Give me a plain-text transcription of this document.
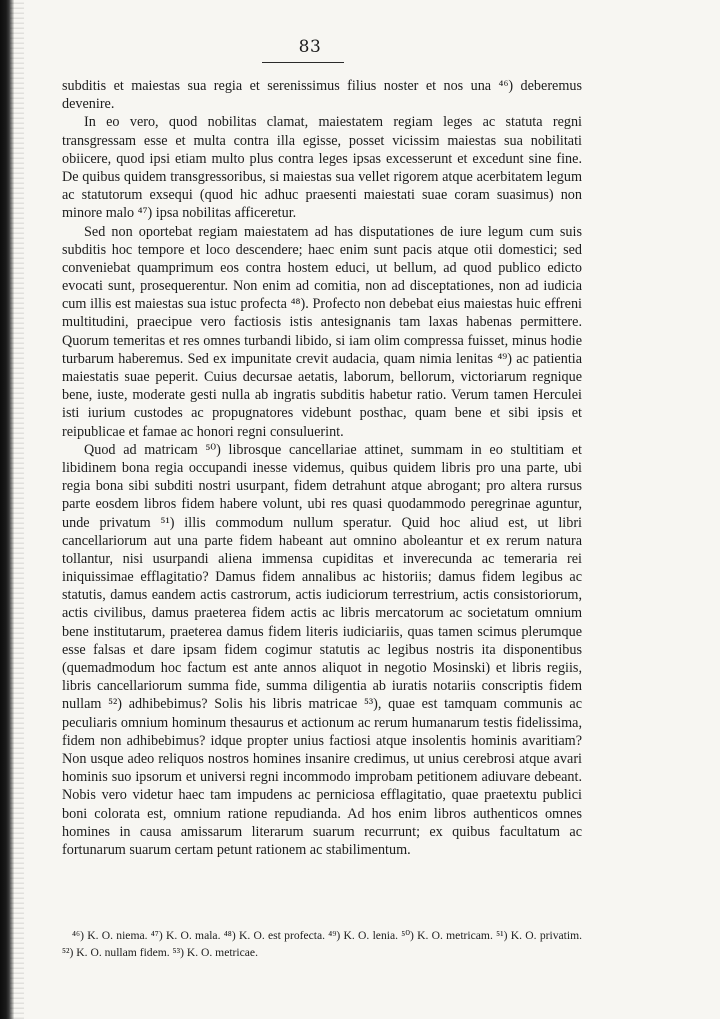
83

subditis et maiestas sua regia et serenissimus filius noster et nos una ⁴⁶) deberemus devenire.

In eo vero, quod nobilitas clamat, maiestatem regiam leges ac statuta regni transgressam esse et multa contra illa egisse, posset vicissim maiestas sua nobilitati obiicere, quod ipsi etiam multo plus contra leges ipsas excesserunt et excedunt sine fine. De quibus quidem transgressoribus, si maiestas sua vellet rigorem atque acerbitatem legum ac statutorum exsequi (quod hic adhuc praesenti maiestati suae coram suasimus) non minore malo ⁴⁷) ipsa nobilitas afficeretur.

Sed non oportebat regiam maiestatem ad has disputationes de iure legum cum suis subditis hoc tempore et loco descendere; haec enim sunt pacis atque otii domestici; sed conveniebat quamprimum eos contra hostem educi, ut bellum, ad quod publico edicto evocati sunt, prosequerentur. Non enim ad comitia, non ad disceptationes, non ad iudicia cum illis est maiestas sua istuc profecta ⁴⁸). Profecto non debebat eius maiestas huic effreni multitudini, praecipue vero factiosis istis antesignanis tam laxas habenas permittere. Quorum temeritas et res omnes turbandi libido, si iam olim compressa fuisset, minus hodie turbarum haberemus. Sed ex impunitate crevit audacia, quam nimia lenitas ⁴⁹) ac patientia maiestatis suae peperit. Cuius decursae aetatis, laborum, bellorum, victoriarum regnique bene, iuste, moderate gesti nulla ab ingratis subditis habetur ratio. Verum tamen Herculei isti iurium custodes ac propugnatores videbunt posthac, quam bene et sibi ipsis et reipublicae et famae ac honori regni consuluerint.

Quod ad matricam ⁵⁰) librosque cancellariae attinet, summam in eo stultitiam et libidinem bona regia occupandi inesse videmus, quibus quidem libris pro una parte, ubi regia bona sibi subditi nostri usurpant, fidem detrahunt atque abrogant; pro altera rursus parte eosdem libros fidem habere volunt, ubi res quasi quodammodo peregrinae aguntur, unde privatum ⁵¹) illis commodum nullum speratur. Quid hoc aliud est, ut libri cancellariorum aut una parte fidem habeant aut omnino aboleantur et ex rerum natura tollantur, nisi usurpandi aliena immensa cupiditas et inverecunda ac temeraria rei iniquissimae efflagitatio? Damus fidem annalibus ac historiis; damus fidem legibus ac statutis, damus eandem actis castrorum, actis iudiciorum terrestrium, actis consistoriorum, actis civilibus, damus praeterea fidem actis ac libris mercatorum ac societatum omnium bene institutarum, praeterea damus fidem literis iudiciariis, quas tamen scimus plerumque esse falsas et dare ipsam fidem cogimur statutis ac legibus nostris ita disponentibus (quemadmodum hoc factum est ante annos aliquot in negotio Mosinski) et libris regiis, libris cancellariorum summa fide, summa diligentia ab iuratis notariis conscriptis fidem nullam ⁵²) adhibebimus? Solis his libris matricae ⁵³), quae est tamquam communis ac peculiaris omnium hominum thesaurus et actionum ac rerum humanarum testis fidelissima, fidem non adhibebimus? idque propter unius factiosi atque insolentis hominis avaritiam? Non usque adeo reliquos nostros homines insanire credimus, ut unius cerebrosi atque avari hominis suo ipsorum et universi regni incommodo improbam petitionem adiuvare debeant. Nobis vero videtur haec tam impudens ac perniciosa efflagitatio, quae praetextu publici boni colorata est, omnium ratione repudianda. Ad hos enim libros authenticos omnes homines in causa amissarum literarum suarum recurrunt; ex quibus facultatum ac fortunarum suarum certam petunt rationem ac stabilimentum.

⁴⁶) K. O. niema. ⁴⁷) K. O. mala. ⁴⁸) K. O. est profecta. ⁴⁹) K. O. lenia. ⁵⁰) K. O. metricam. ⁵¹) K. O. privatim. ⁵²) K. O. nullam fidem. ⁵³) K. O. metricae.
